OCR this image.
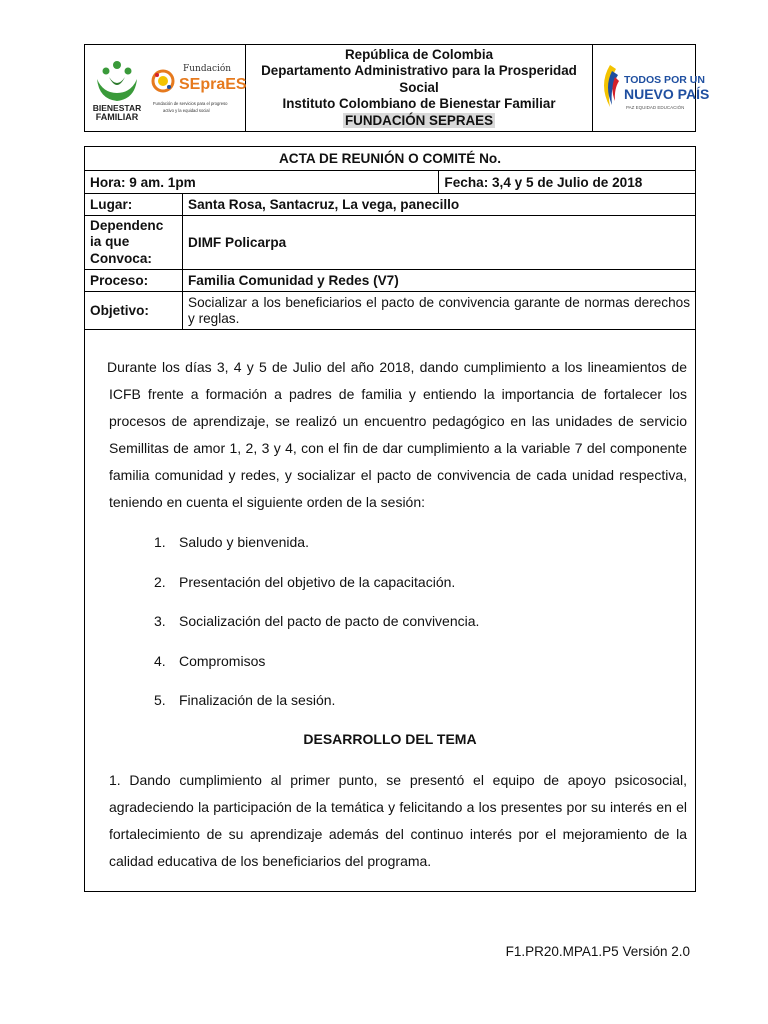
BIENESTAR
FAMILIAR
Fundación
SEpraES
Fundación de servicios para el progreso
activo y la equidad social
República de Colombia
Departamento Administrativo para la Prosperidad
Social
Instituto Colombiano de Bienestar Familiar
FUNDACIÓN SEPRAES
TODOS POR UN
NUEVO PAÍS
PAZ EQUIDAD EDUCACIÓN
ACTA DE REUNIÓN O COMITÉ No.		
Hora: 9 am. 1pm		Fecha: 3,4 y 5 de Julio de 2018
Lugar:	Santa Rosa, Santacruz, La vega, panecillo	
Dependenc
ia que
Convoca:	DIMF Policarpa	
Proceso:	Familia Comunidad y Redes (V7)	
Objetivo:	Socializar a los beneficiarios el pacto de convivencia garante de normas derechos y reglas.	
Durante los días 3, 4 y 5 de Julio del año 2018, dando cumplimiento a los lineamientos de ICFB frente a formación a padres de familia y entiendo la importancia de fortalecer los procesos de aprendizaje, se realizó un encuentro pedagógico en las unidades de servicio Semillitas de amor 1, 2, 3 y 4, con el fin de dar cumplimiento a la variable 7 del componente familia comunidad y redes, y socializar el pacto de convivencia de cada unidad respectiva, teniendo en cuenta el siguiente orden de la sesión:
1. Saludo y bienvenida.
2. Presentación del objetivo de la capacitación.
3. Socialización del pacto de pacto de convivencia.
4. Compromisos
5. Finalización de la sesión.
DESARROLLO DEL TEMA
1. Dando cumplimiento al primer punto, se presentó el equipo de apoyo psicosocial, agradeciendo la participación de la temática y felicitando a los presentes por su interés en el fortalecimiento de su aprendizaje además del continuo interés por el mejoramiento de la calidad educativa de los beneficiarios del programa.
F1.PR20.MPA1.P5 Versión 2.0
